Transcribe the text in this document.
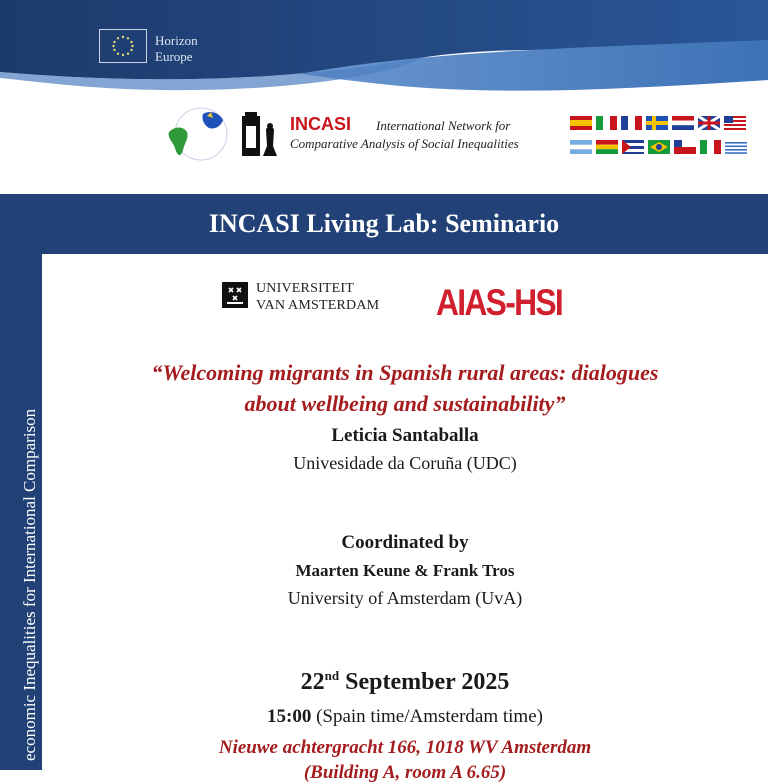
Horizon
Europe
INCASI International Network for
Comparative Analysis of Social Inequalities
INCASI Living Lab: Seminario
economic Inequalities for International Comparison
UNIVERSITEIT
VAN AMSTERDAM AIAS-HSI
“Welcoming migrants in Spanish rural areas: dialogues
about wellbeing and sustainability”
Leticia Santaballa
Univesidade da Coruña (UDC)
Coordinated by
Maarten Keune & Frank Tros
University of Amsterdam (UvA)
22nd September 2025
15:00 (Spain time/Amsterdam time)
Nieuwe achtergracht 166, 1018 WV Amsterdam
(Building A, room A 6.65)
